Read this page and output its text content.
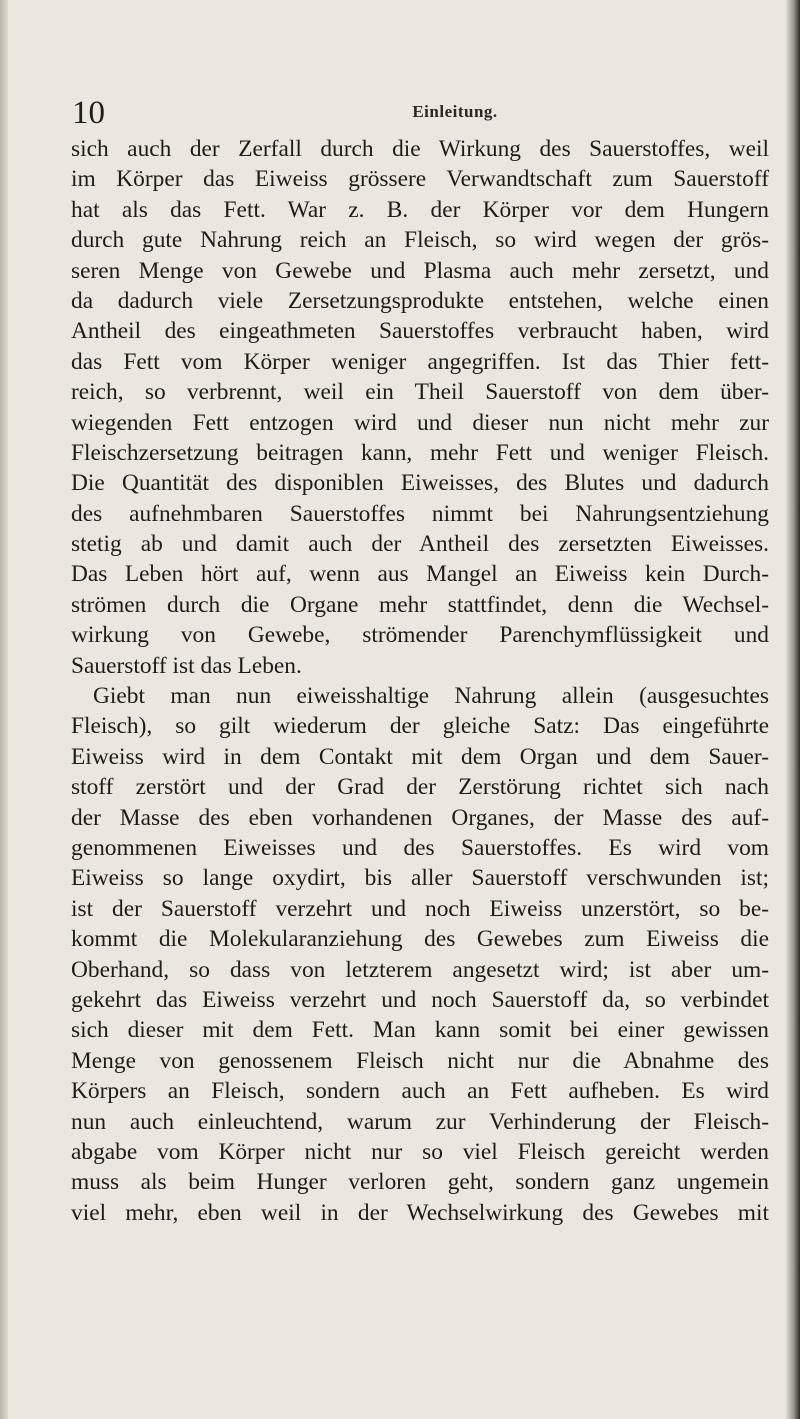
10	Einleitung.
sich auch der Zerfall durch die Wirkung des Sauerstoffes, weil
im Körper das Eiweiss grössere Verwandtschaft zum Sauerstoff
hat als das Fett. War z. B. der Körper vor dem Hungern
durch gute Nahrung reich an Fleisch, so wird wegen der grös-
seren Menge von Gewebe und Plasma auch mehr zersetzt, und
da dadurch viele Zersetzungsprodukte entstehen, welche einen
Antheil des eingeathmeten Sauerstoffes verbraucht haben, wird
das Fett vom Körper weniger angegriffen. Ist das Thier fett-
reich, so verbrennt, weil ein Theil Sauerstoff von dem über-
wiegenden Fett entzogen wird und dieser nun nicht mehr zur
Fleischzersetzung beitragen kann, mehr Fett und weniger Fleisch.
Die Quantität des disponiblen Eiweisses, des Blutes und dadurch
des aufnehmbaren Sauerstoffes nimmt bei Nahrungsentziehung
stetig ab und damit auch der Antheil des zersetzten Eiweisses.
Das Leben hört auf, wenn aus Mangel an Eiweiss kein Durch-
strömen durch die Organe mehr stattfindet, denn die Wechsel-
wirkung von Gewebe, strömender Parenchymflüssigkeit und
Sauerstoff ist das Leben.
Giebt man nun eiweisshaltige Nahrung allein (ausgesuchtes
Fleisch), so gilt wiederum der gleiche Satz: Das eingeführte
Eiweiss wird in dem Contakt mit dem Organ und dem Sauer-
stoff zerstört und der Grad der Zerstörung richtet sich nach
der Masse des eben vorhandenen Organes, der Masse des auf-
genommenen Eiweisses und des Sauerstoffes. Es wird vom
Eiweiss so lange oxydirt, bis aller Sauerstoff verschwunden ist;
ist der Sauerstoff verzehrt und noch Eiweiss unzerstört, so be-
kommt die Molekularanziehung des Gewebes zum Eiweiss die
Oberhand, so dass von letzterem angesetzt wird; ist aber um-
gekehrt das Eiweiss verzehrt und noch Sauerstoff da, so verbindet
sich dieser mit dem Fett. Man kann somit bei einer gewissen
Menge von genossenem Fleisch nicht nur die Abnahme des
Körpers an Fleisch, sondern auch an Fett aufheben. Es wird
nun auch einleuchtend, warum zur Verhinderung der Fleisch-
abgabe vom Körper nicht nur so viel Fleisch gereicht werden
muss als beim Hunger verloren geht, sondern ganz ungemein
viel mehr, eben weil in der Wechselwirkung des Gewebes mit
